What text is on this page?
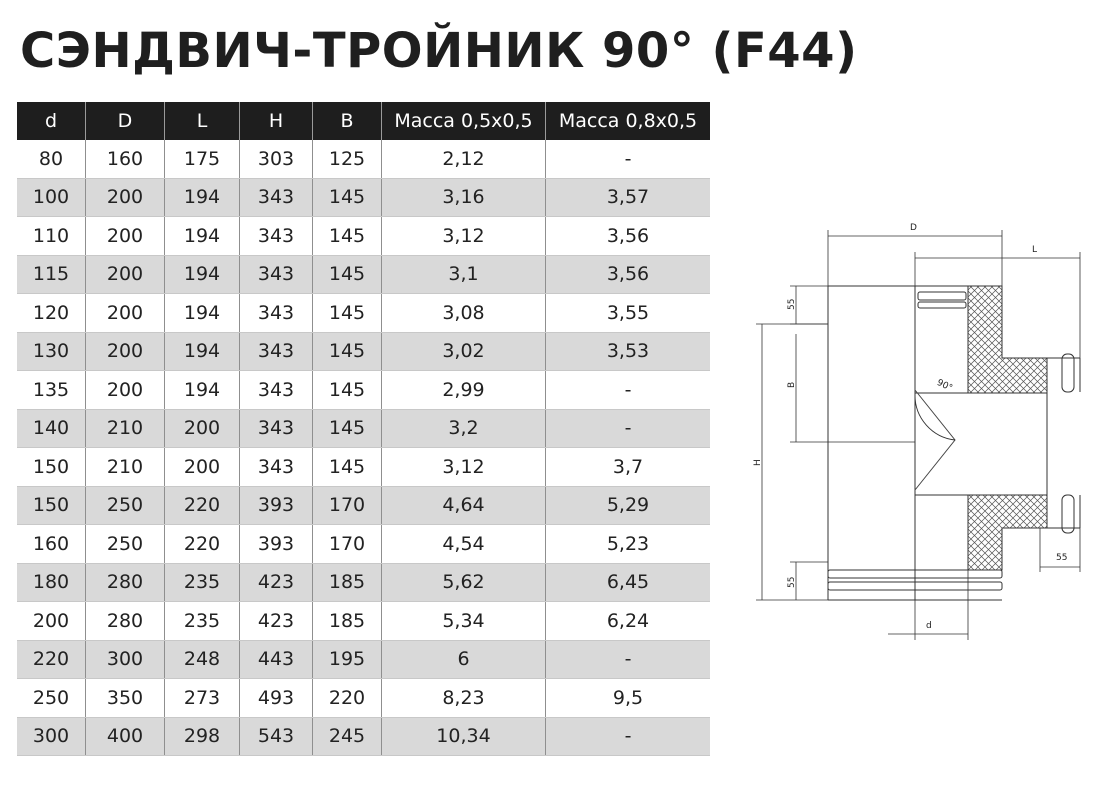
СЭНДВИЧ-ТРОЙНИК 90° (F44)
d	D	L	H	B	Масса 0,5х0,5	Масса 0,8х0,5
80	160	175	303	125	2,12	-
100	200	194	343	145	3,16	3,57
110	200	194	343	145	3,12	3,56
115	200	194	343	145	3,1	3,56
120	200	194	343	145	3,08	3,55
130	200	194	343	145	3,02	3,53
135	200	194	343	145	2,99	-
140	210	200	343	145	3,2	-
150	210	200	343	145	3,12	3,7
150	250	220	393	170	4,64	5,29
160	250	220	393	170	4,54	5,23
180	280	235	423	185	5,62	6,45
200	280	235	423	185	5,34	6,24
220	300	248	443	195	6	-
250	350	273	493	220	8,23	9,5
300	400	298	543	245	10,34	-
90°
D
L
55
B
H
55
55
d
